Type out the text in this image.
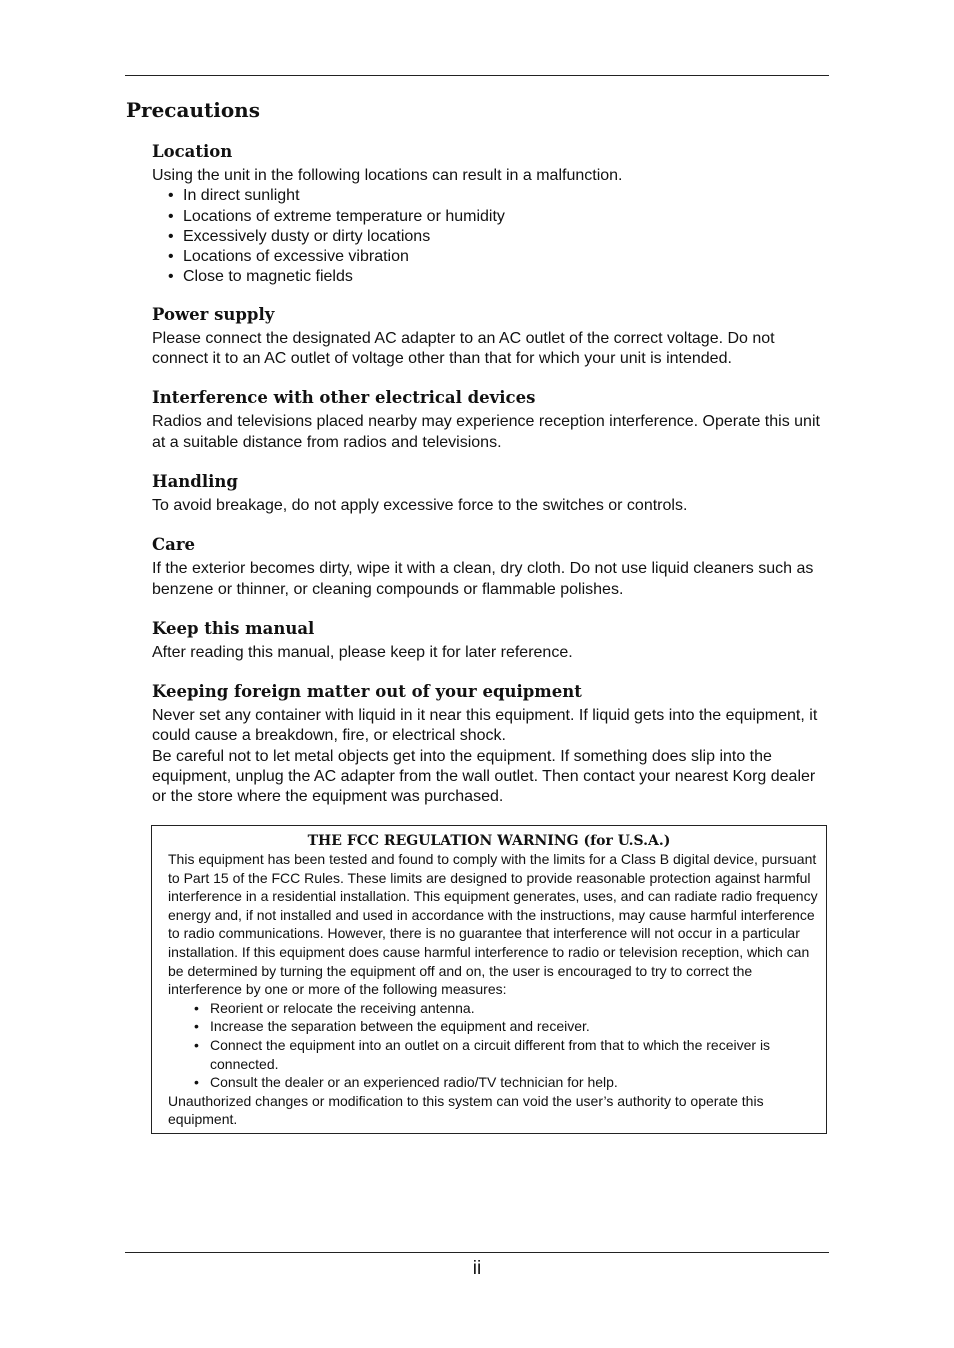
Precautions
Location

Using the unit in the following locations can result in a malfunction.

• In direct sunlight
• Locations of extreme temperature or humidity
• Excessively dusty or dirty locations
• Locations of excessive vibration
• Close to magnetic fields
Power supply

Please connect the designated AC adapter to an AC outlet of the correct voltage. Do not connect it to an AC outlet of voltage other than that for which your unit is intended.

Interference with other electrical devices

Radios and televisions placed nearby may experience reception interference. Operate this unit at a suitable distance from radios and televisions.

Handling

To avoid breakage, do not apply excessive force to the switches or controls.

Care

If the exterior becomes dirty, wipe it with a clean, dry cloth. Do not use liquid cleaners such as benzene or thinner, or cleaning compounds or flammable polishes.

Keep this manual

After reading this manual, please keep it for later reference.

Keeping foreign matter out of your equipment

Never set any container with liquid in it near this equipment. If liquid gets into the equipment, it could cause a breakdown, fire, or electrical shock.

Be careful not to let metal objects get into the equipment. If something does slip into the equipment, unplug the AC adapter from the wall outlet. Then contact your nearest Korg dealer or the store where the equipment was purchased.

THE FCC REGULATION WARNING (for U.S.A.)

This equipment has been tested and found to comply with the limits for a Class B digital device, pursuant to Part 15 of the FCC Rules. These limits are designed to provide reasonable protection against harmful interference in a residential installation. This equipment generates, uses, and can radiate radio frequency energy and, if not installed and used in accordance with the instructions, may cause harmful interference to radio communications. However, there is no guarantee that interference will not occur in a particular installation. If this equipment does cause harmful interference to radio or television reception, which can be determined by turning the equipment off and on, the user is encouraged to try to correct the interference by one or more of the following measures:

• Reorient or relocate the receiving antenna.
• Increase the separation between the equipment and receiver.
• Connect the equipment into an outlet on a circuit different from that to which the receiver is connected.
• Consult the dealer or an experienced radio/TV technician for help.

Unauthorized changes or modification to this system can void the user’s authority to operate this equipment.

ii
